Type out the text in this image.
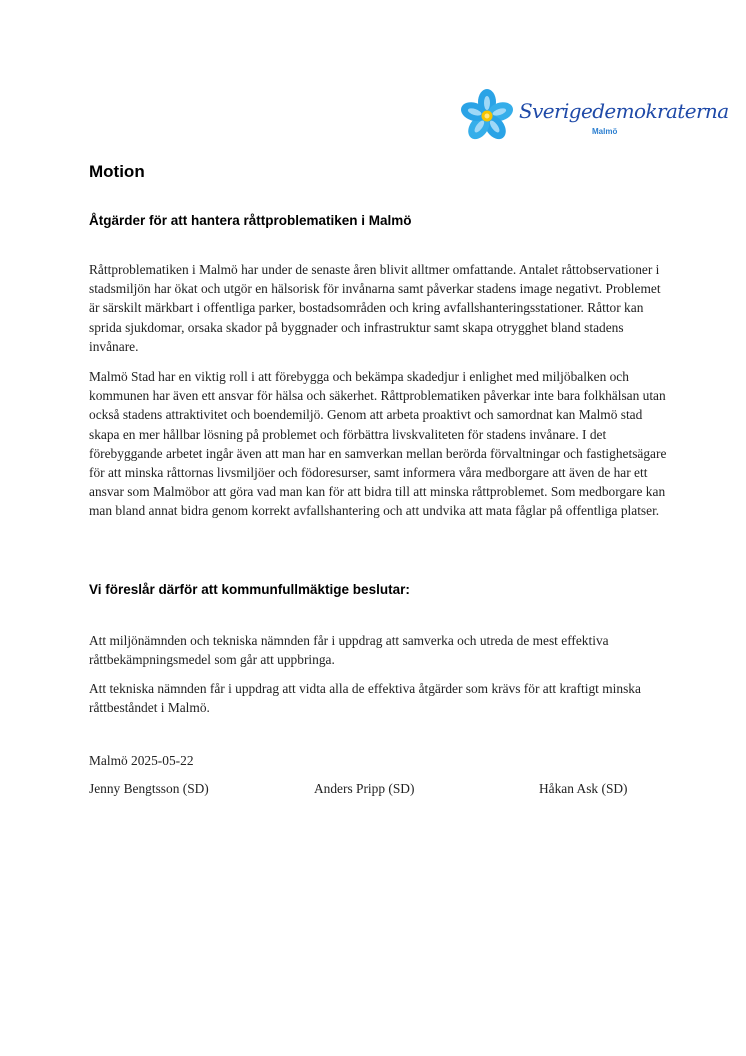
Sverigedemokraterna
Malmö
Motion
Åtgärder för att hantera råttproblematiken i Malmö

Råttproblematiken i Malmö har under de senaste åren blivit alltmer omfattande. Antalet råttobservationer i stadsmiljön har ökat och utgör en hälsorisk för invånarna samt påverkar stadens image negativt. Problemet är särskilt märkbart i offentliga parker, bostadsområden och kring avfallshanteringsstationer. Råttor kan sprida sjukdomar, orsaka skador på byggnader och infrastruktur samt skapa otrygghet bland stadens invånare.

Malmö Stad har en viktig roll i att förebygga och bekämpa skadedjur i enlighet med miljöbalken och kommunen har även ett ansvar för hälsa och säkerhet. Råttproblematiken påverkar inte bara folkhälsan utan också stadens attraktivitet och boendemiljö. Genom att arbeta proaktivt och samordnat kan Malmö stad skapa en mer hållbar lösning på problemet och förbättra livskvaliteten för stadens invånare. I det förebyggande arbetet ingår även att man har en samverkan mellan berörda förvaltningar och fastighetsägare för att minska råttornas livsmiljöer och födoresurser, samt informera våra medborgare att även de har ett ansvar som Malmöbor att göra vad man kan för att bidra till att minska råttproblemet. Som medborgare kan man bland annat bidra genom korrekt avfallshantering och att undvika att mata fåglar på offentliga platser.

Vi föreslår därför att kommunfullmäktige beslutar:

Att miljönämnden och tekniska nämnden får i uppdrag att samverka och utreda de mest effektiva råttbekämpningsmedel som går att uppbringa.

Att tekniska nämnden får i uppdrag att vidta alla de effektiva åtgärder som krävs för att kraftigt minska råttbeståndet i Malmö.

Malmö 2025-05-22

Jenny Bengtsson (SD)	Anders Pripp (SD)	Håkan Ask (SD)
